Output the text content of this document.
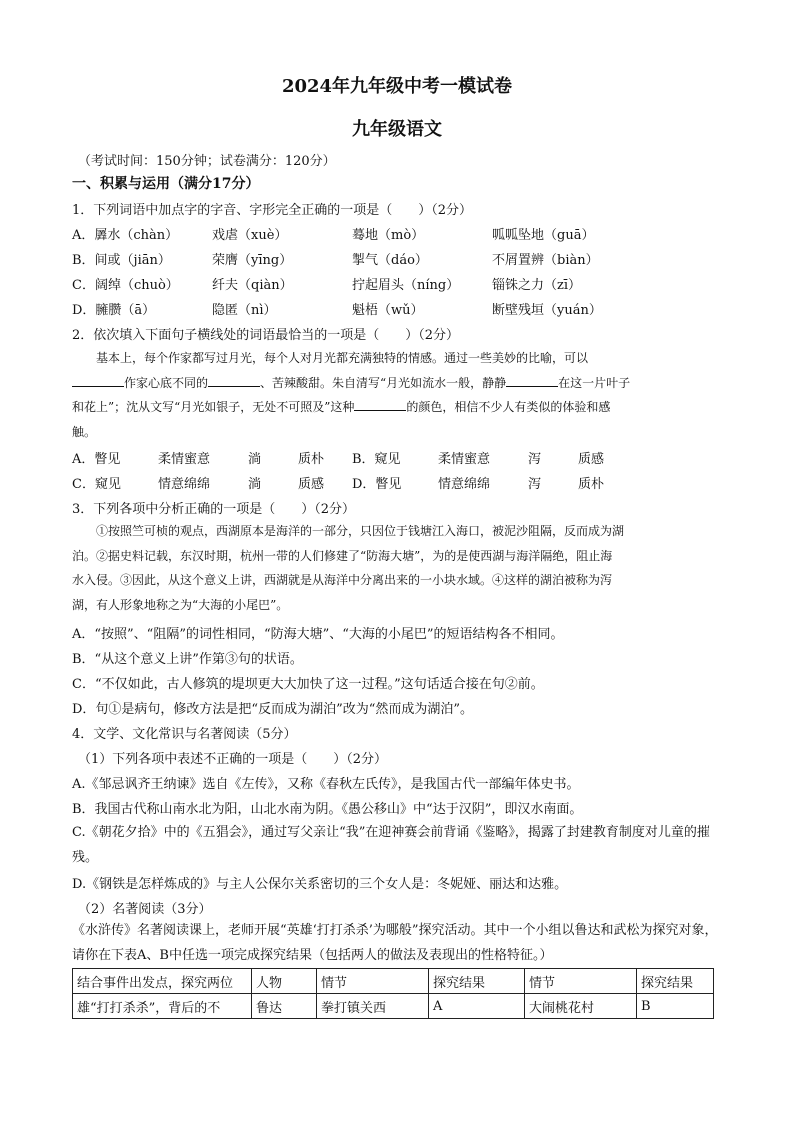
2024年九年级中考一模试卷
九年级语文
（考试时间：150分钟；试卷满分：120分）
一、积累与运用（满分17分）
1．下列词语中加点字的字音、字形完全正确的一项是（　　）（2分）
A．羼水（chàn）	戏虐（xuè）	蓦地（mò）	呱呱坠地（guā）
B．间或（jiān）	荣膺（yīng）	掣气（dáo）	不屑置辨（biàn）
C．阔绰（chuò）	纤夫（qiàn）	拧起眉头（níng）	锱铢之力（zī）
D．臃臜（ā）	隐匿（nì）	魁梧（wǔ）	断壁残垣（yuán）
2．依次填入下面句子横线处的词语最恰当的一项是（　　）（2分）

基本上，每个作家都写过月光，每个人对月光都充满独特的情感。通过一些美妙的比喻，可以

作家心底不同的	、苦辣酸甜。朱自清写“月光如流水一般，静静	在这一片叶子

和花上”；沈从文写“月光如银子，无处不可照及”这种	的颜色，相信不少人有类似的体验和感

触。

A．瞥见	柔情蜜意	淌	质朴 B．窥见	柔情蜜意	泻	质感
C．窥见	情意绵绵	淌	质感 D．瞥见	情意绵绵	泻	质朴
3．下列各项中分析正确的一项是（　　）（2分）

①按照竺可桢的观点，西湖原本是海洋的一部分，只因位于钱塘江入海口，被泥沙阻隔，反而成为湖

泊。②据史料记载，东汉时期，杭州一带的人们修建了“防海大塘”，为的是使西湖与海洋隔绝，阻止海

水入侵。③因此，从这个意义上讲，西湖就是从海洋中分离出来的一小块水域。④这样的湖泊被称为泻

湖，有人形象地称之为“大海的小尾巴”。

A．“按照”、“阻隔”的词性相同，“防海大塘”、“大海的小尾巴”的短语结构各不相同。
B．“从这个意义上讲”作第③句的状语。
C．“不仅如此，古人修筑的堤坝更大大加快了这一过程。”这句话适合接在句②前。
D．句①是病句，修改方法是把“反而成为湖泊”改为“然而成为湖泊”。
4．文学、文化常识与名著阅读（5分）
（1）下列各项中表述不正确的一项是（　　）（2分）
A.《邹忌讽齐王纳谏》选自《左传》，又称《春秋左氏传》，是我国古代一部编年体史书。
B．我国古代称山南水北为阳，山北水南为阴。《愚公移山》中“达于汉阴”，即汉水南面。
C.《朝花夕拾》中的《五猖会》，通过写父亲让“我”在迎神赛会前背诵《鉴略》，揭露了封建教育制度对儿童的摧残。
D.《钢铁是怎样炼成的》与主人公保尔关系密切的三个女人是：冬妮娅、丽达和达雅。
（2）名著阅读（3分）
《水浒传》名著阅读课上，老师开展“英雄‘打打杀杀’为哪般”探究活动。其中一个小组以鲁达和武松为探究对象，请你在下表A、B中任选一项完成探究结果（包括两人的做法及表现出的性格特征。）
结合事件出发点，探究两位	人物	情节	探究结果	情节	探究结果
雄“打打杀杀”，背后的不	鲁达	拳打镇关西	A	大闹桃花村	B
